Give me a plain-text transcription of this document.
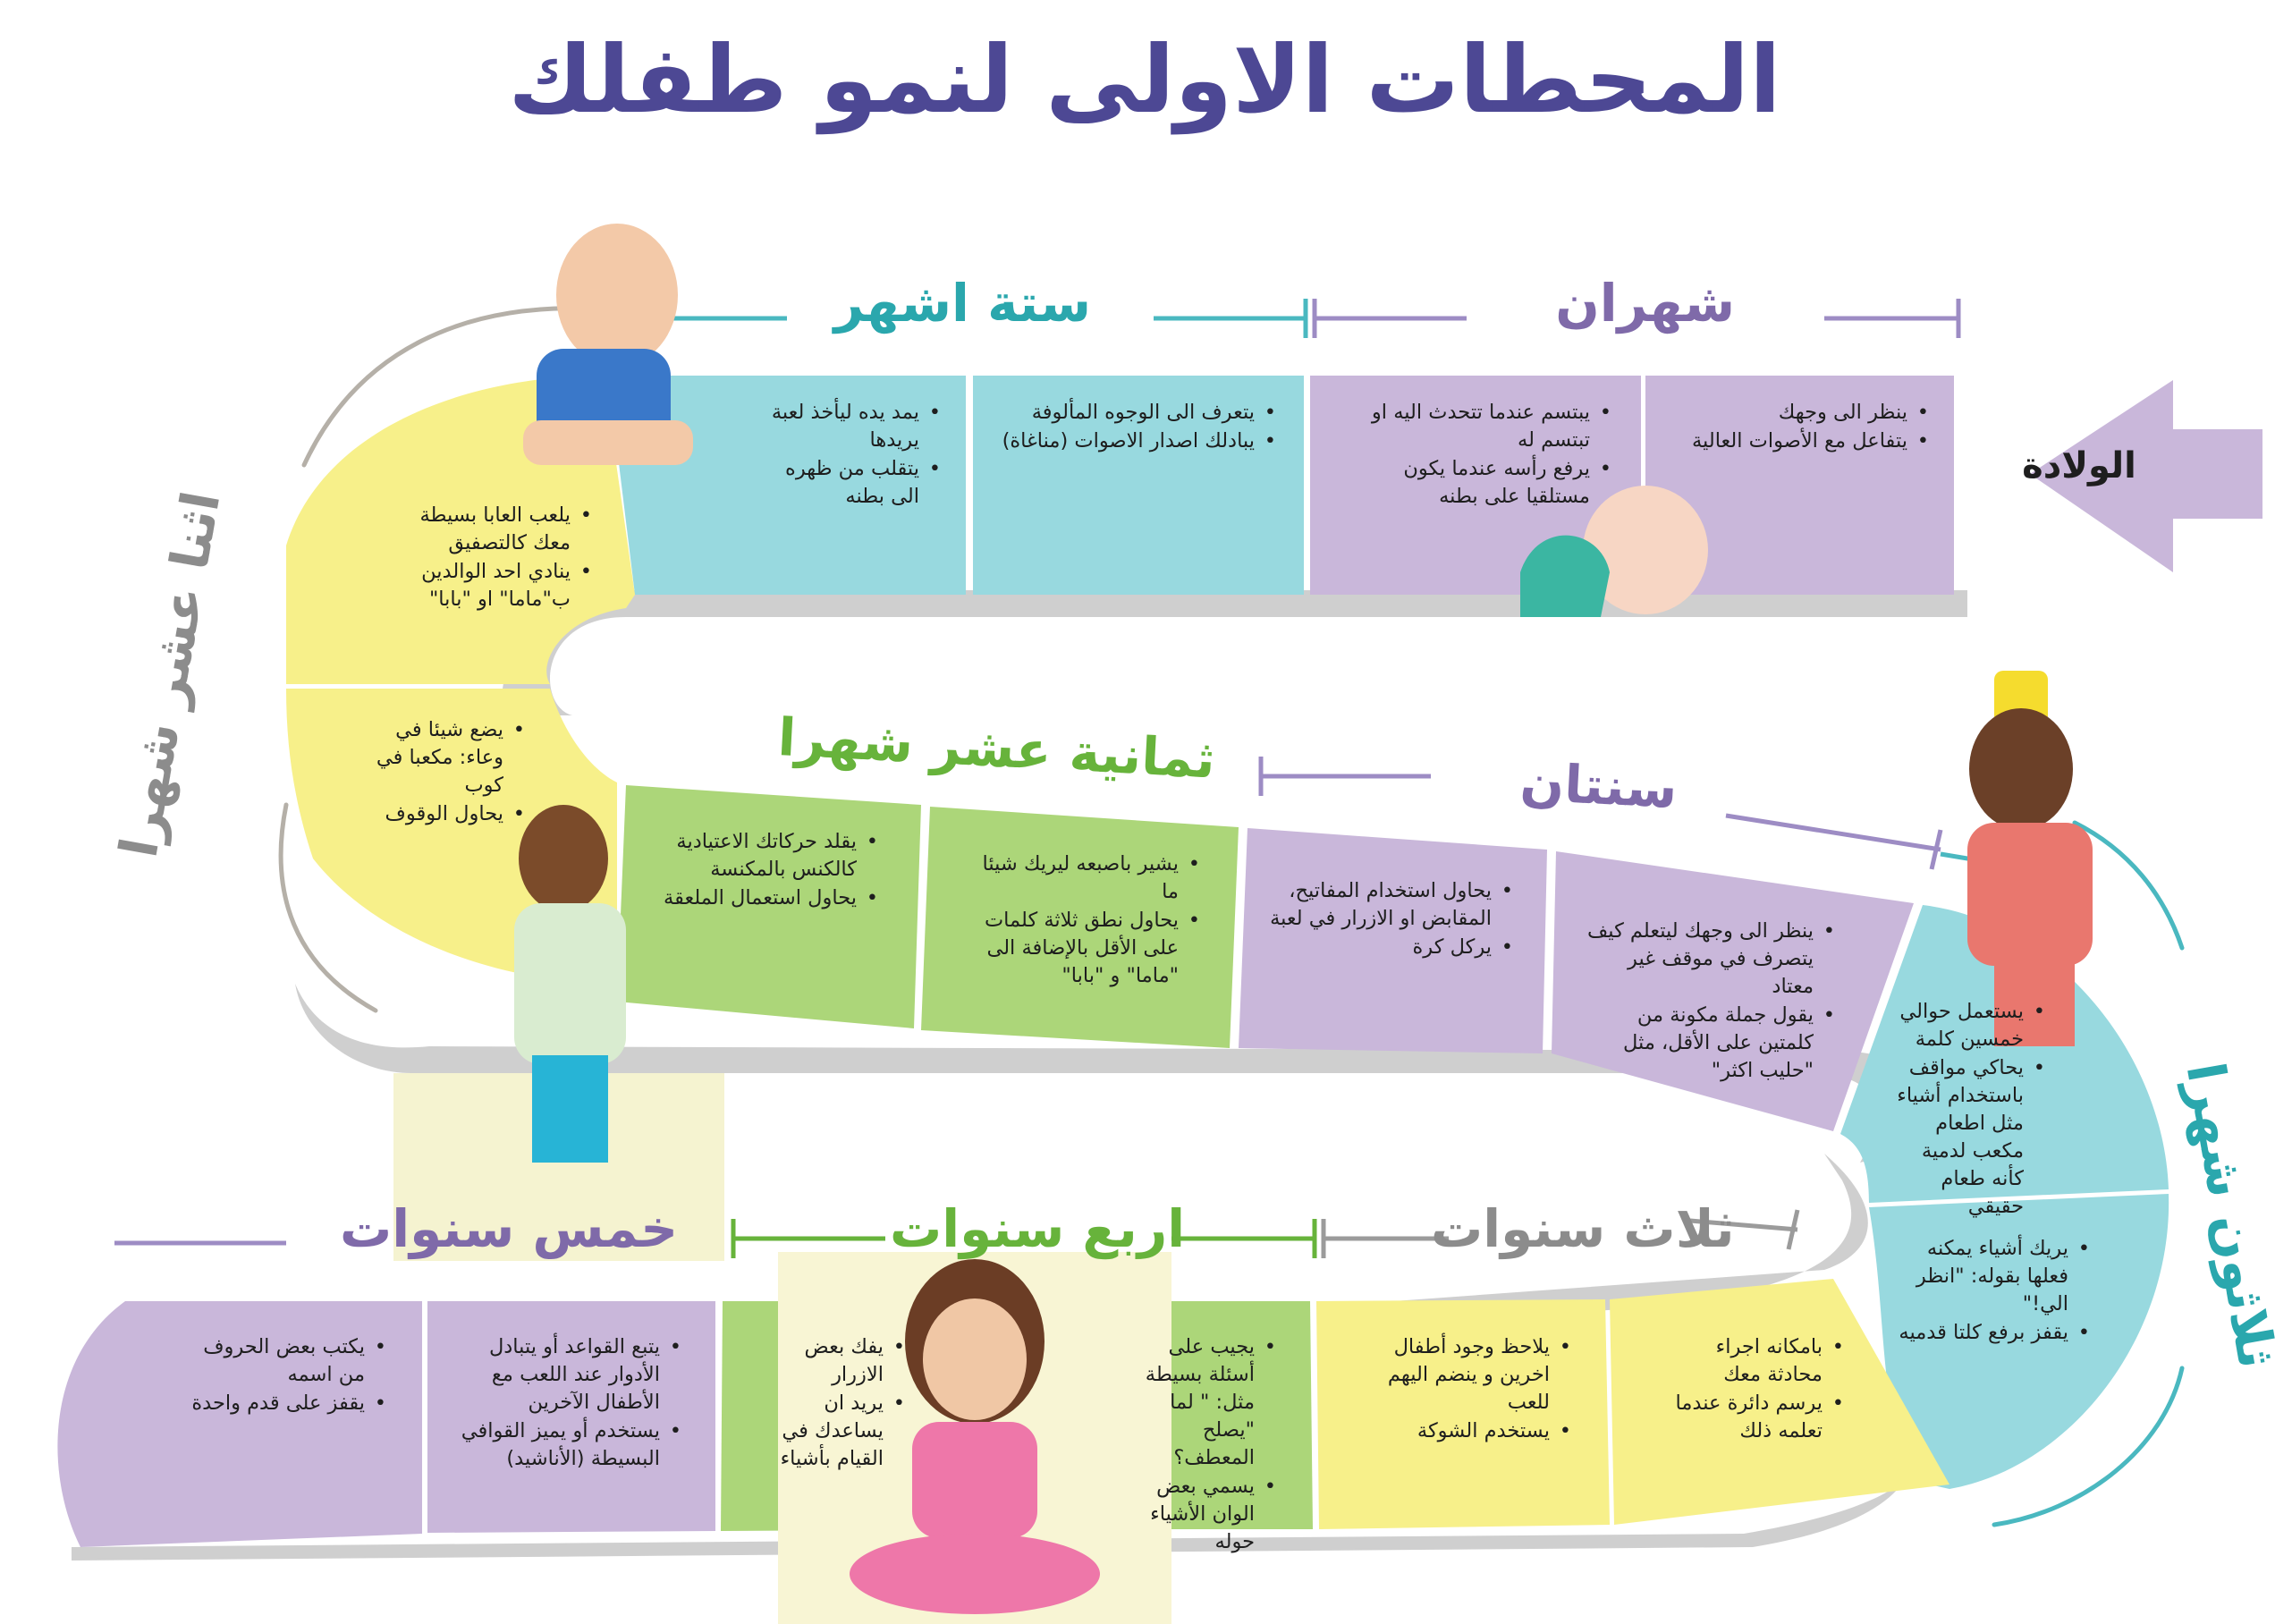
المحطات الاولى لنمو طفلك
شهران
ستة اشهر
اثنا عشر شهرا	ثمانية عشر شهرا	سنتان
ثلاثون شهرا
ثلاث سنوات
اربع سنوات
خمس سنوات
الولادة
• ينظر الى وجهك
• يتفاعل مع الأصوات العالية
• يبتسم عندما تتحدث اليه او تبتسم له
• يرفع رأسه عندما يكون مستلقيا على بطنه
• يتعرف الى الوجوه المألوفة
• يبادلك اصدار الاصوات (مناغاة)
• يمد يده ليأخذ لعبة يريدها
• يتقلب من ظهره الى بطنه
• يلعب العابا بسيطة معك كالتصفيق
• ينادي احد الوالدين ب"ماما" او "بابا"
• يضع شيئا في وعاء: مكعبا في كوب
• يحاول الوقوف
• يقلد حركاتك الاعتيادية كالكنس بالمكنسة
• يحاول استعمال الملعقة
• يشير باصبعه ليريك شيئا ما
• يحاول نطق ثلاثة كلمات على الأقل بالإضافة الى "ماما" و "بابا"
• يحاول استخدام المفاتيح، المقابض او الازرار في لعبة
• يركل كرة
• ينظر الى وجهك ليتعلم كيف يتصرف في موقف غير معتاد
• يقول جملة مكونة من كلمتين على الأقل، مثل "حليب اكثر"
• يستعمل حوالي خمسين كلمة
• يحاكي مواقف باستخدام أشياء مثل اطعام مكعب لدمية كأنه طعام حقيقي
• يريك أشياء يمكنه فعلها بقوله: "انظر الي!"
• يقفز برفع كلتا قدميه
• بامكانه اجراء محادثة معك
• يرسم دائرة عندما تعلمه ذلك
• يلاحظ وجود أطفال اخرين و ينضم اليهم للعب
• يستخدم الشوكة
• يجيب على أسئلة بسيطة مثل: " لما "يصلح المعطف؟
• يسمي بعض الوان الأشياء حوله
• يفك بعض الازرار
• يريد ان يساعدك في القيام بأشياء
• يتبع القواعد أو يتبادل الأدوار عند اللعب مع الأطفال الآخرين
• يستخدم أو يميز القوافي البسيطة (الأناشيد)
• يكتب بعض الحروف من اسمه
• يقفز على قدم واحدة
